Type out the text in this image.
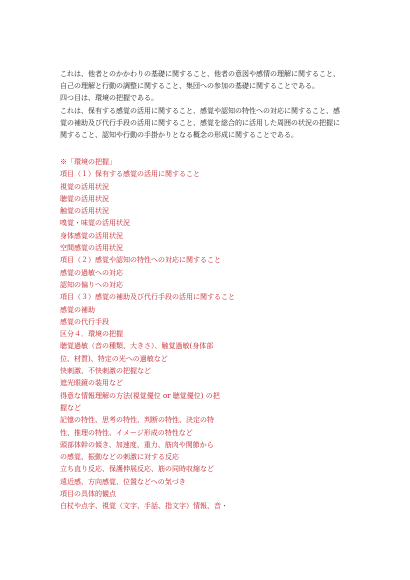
これは、他者とのかかわりの基礎に関すること、他者の意図や感情の理解に関すること、

自己の理解と行動の調整に関すること、集団への参加の基礎に関することである。

四つ目は、環境の把握である。

これは、保有する感覚の活用に関すること、感覚や認知の特性への対応に関すること、感

覚の補助及び代行手段の活用に関すること、感覚を総合的に活用した周囲の状況の把握に

関すること、認知や行動の手掛かりとなる概念の形成に関することである。

※「環境の把握」

項目（１）保有する感覚の活用に関すること

視覚の活用状況

聴覚の活用状況

触覚の活用状況

嗅覚・味覚の活用状況

身体感覚の活用状況

空間感覚の活用状況

項目（２）感覚や認知の特性への対応に関すること

感覚の過敏への対応

認知の偏りへの対応

項目（３）感覚の補助及び代行手段の活用に関すること

感覚の補助

感覚の代行手段

区分４．環境の把握

聴覚過敏（音の種類、大きさ）、触覚過敏(身体部

位、材質)、特定の光への過敏など

快刺激、不快刺激の把握など

遮光眼鏡の装用など

得意な情報理解の方法(視覚優位 or 聴覚優位) の把

握など

記憶の特性、思考の特性、判断の特性、決定の特

性、推理の特性、イメージ形成の特性など

頭部体幹の傾き、加速度、重力、筋肉や関節から

の感覚、振動などの刺激に対する反応

立ち直り反応、保護伸展反応、筋の同時収縮など

遠近感、方向感覚、位置などへの気づき

項目の具体的観点

白杖や点字、視覚（文字、手話、指文字）情報、音・
